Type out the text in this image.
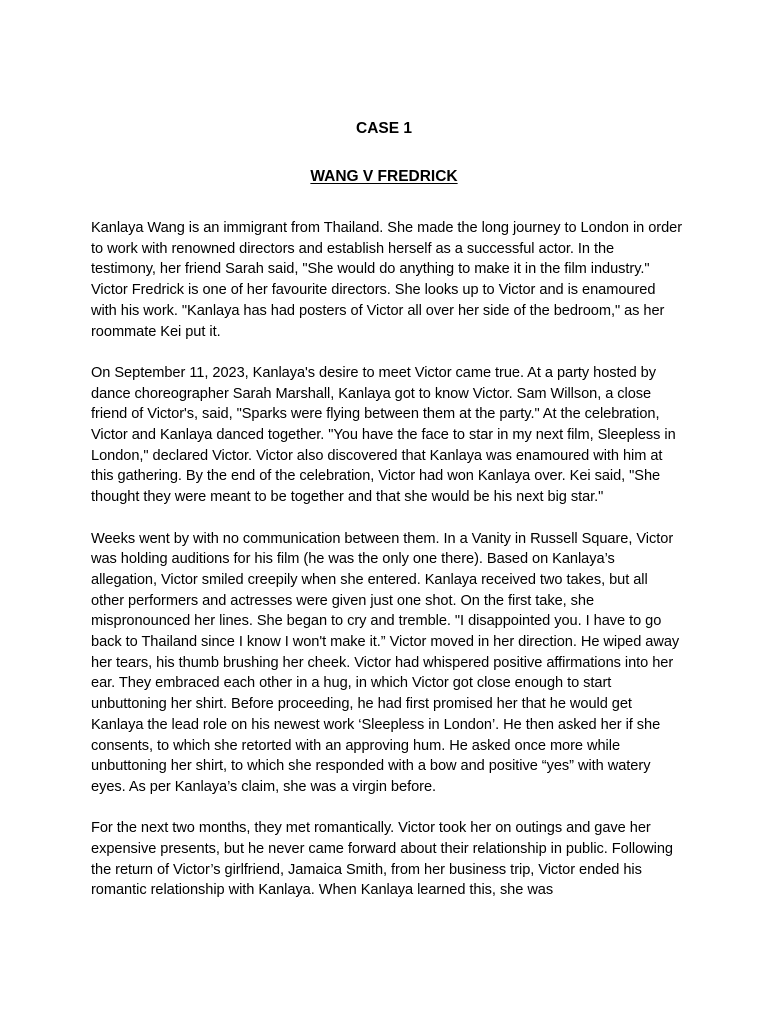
CASE 1
WANG V FREDRICK

Kanlaya Wang is an immigrant from Thailand. She made the long journey to London in order to work with renowned directors and establish herself as a successful actor. In the testimony, her friend Sarah said, "She would do anything to make it in the film industry." Victor Fredrick is one of her favourite directors. She looks up to Victor and is enamoured with his work. "Kanlaya has had posters of Victor all over her side of the bedroom," as her roommate Kei put it.

On September 11, 2023, Kanlaya's desire to meet Victor came true. At a party hosted by dance choreographer Sarah Marshall, Kanlaya got to know Victor. Sam Willson, a close friend of Victor's, said, "Sparks were flying between them at the party." At the celebration, Victor and Kanlaya danced together. "You have the face to star in my next film, Sleepless in London," declared Victor. Victor also discovered that Kanlaya was enamoured with him at this gathering. By the end of the celebration, Victor had won Kanlaya over. Kei said, "She thought they were meant to be together and that she would be his next big star."

Weeks went by with no communication between them. In a Vanity in Russell Square, Victor was holding auditions for his film (he was the only one there). Based on Kanlaya’s allegation, Victor smiled creepily when she entered. Kanlaya received two takes, but all other performers and actresses were given just one shot. On the first take, she mispronounced her lines. She began to cry and tremble. "I disappointed you. I have to go back to Thailand since I know I won't make it.” Victor moved in her direction. He wiped away her tears, his thumb brushing her cheek. Victor had whispered positive affirmations into her ear. They embraced each other in a hug, in which Victor got close enough to start unbuttoning her shirt. Before proceeding, he had first promised her that he would get Kanlaya the lead role on his newest work ‘Sleepless in London’. He then asked her if she consents, to which she retorted with an approving hum. He asked once more while unbuttoning her shirt, to which she responded with a bow and positive “yes” with watery eyes. As per Kanlaya’s claim, she was a virgin before.

For the next two months, they met romantically. Victor took her on outings and gave her expensive presents, but he never came forward about their relationship in public. Following the return of Victor’s girlfriend, Jamaica Smith, from her business trip, Victor ended his romantic relationship with Kanlaya. When Kanlaya learned this, she was
